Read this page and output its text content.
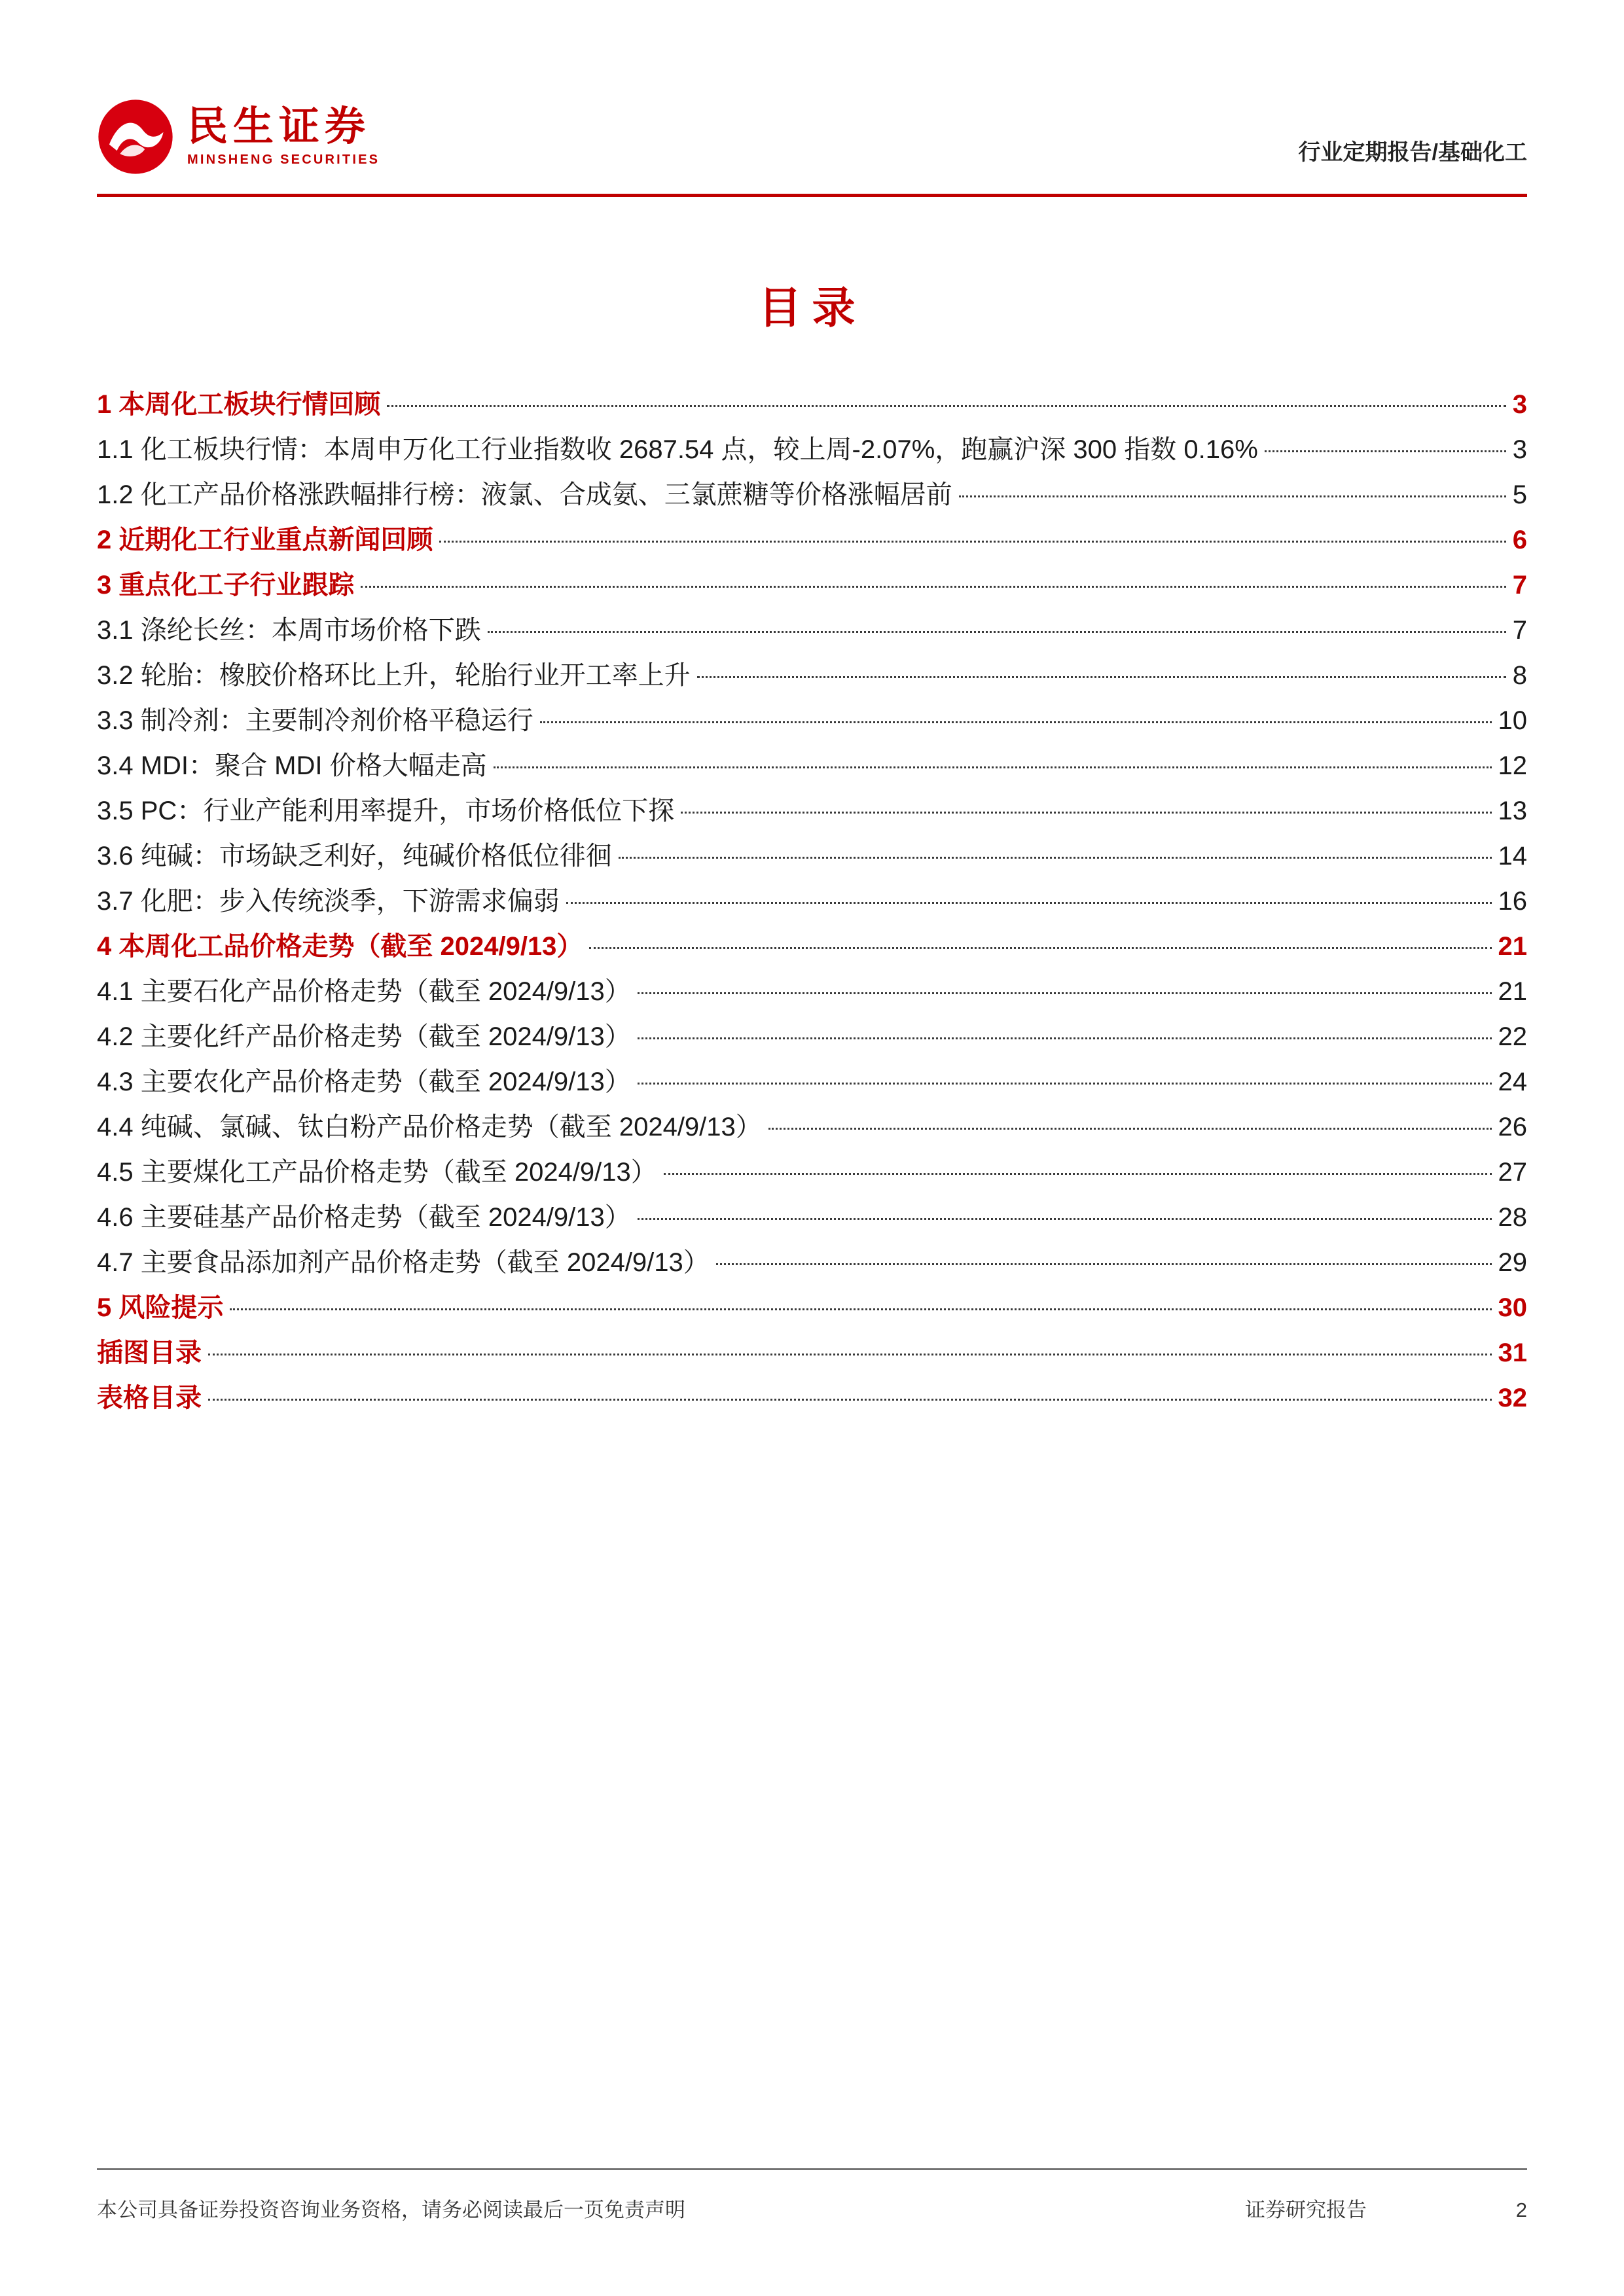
民生证券
MINSHENG SECURITIES	行业定期报告/基础化工
目录
1 本周化工板块行情回顾	3
1.1 化工板块行情：本周申万化工行业指数收 2687.54 点，较上周-2.07%，跑赢沪深 300 指数 0.16%	3
1.2 化工产品价格涨跌幅排行榜：液氯、合成氨、三氯蔗糖等价格涨幅居前	5
2 近期化工行业重点新闻回顾	6
3 重点化工子行业跟踪	7
3.1 涤纶长丝：本周市场价格下跌	7
3.2 轮胎：橡胶价格环比上升，轮胎行业开工率上升	8
3.3 制冷剂：主要制冷剂价格平稳运行	10
3.4 MDI：聚合 MDI 价格大幅走高	12
3.5 PC：行业产能利用率提升，市场价格低位下探	13
3.6 纯碱：市场缺乏利好，纯碱价格低位徘徊	14
3.7 化肥：步入传统淡季，下游需求偏弱	16
4 本周化工品价格走势（截至 2024/9/13）	21
4.1 主要石化产品价格走势（截至 2024/9/13）	21
4.2 主要化纤产品价格走势（截至 2024/9/13）	22
4.3 主要农化产品价格走势（截至 2024/9/13）	24
4.4 纯碱、氯碱、钛白粉产品价格走势（截至 2024/9/13）	26
4.5 主要煤化工产品价格走势（截至 2024/9/13）	27
4.6 主要硅基产品价格走势（截至 2024/9/13）	28
4.7 主要食品添加剂产品价格走势（截至 2024/9/13）	29
5 风险提示	30
插图目录	31
表格目录	32
本公司具备证券投资咨询业务资格，请务必阅读最后一页免责声明	证券研究报告	2
